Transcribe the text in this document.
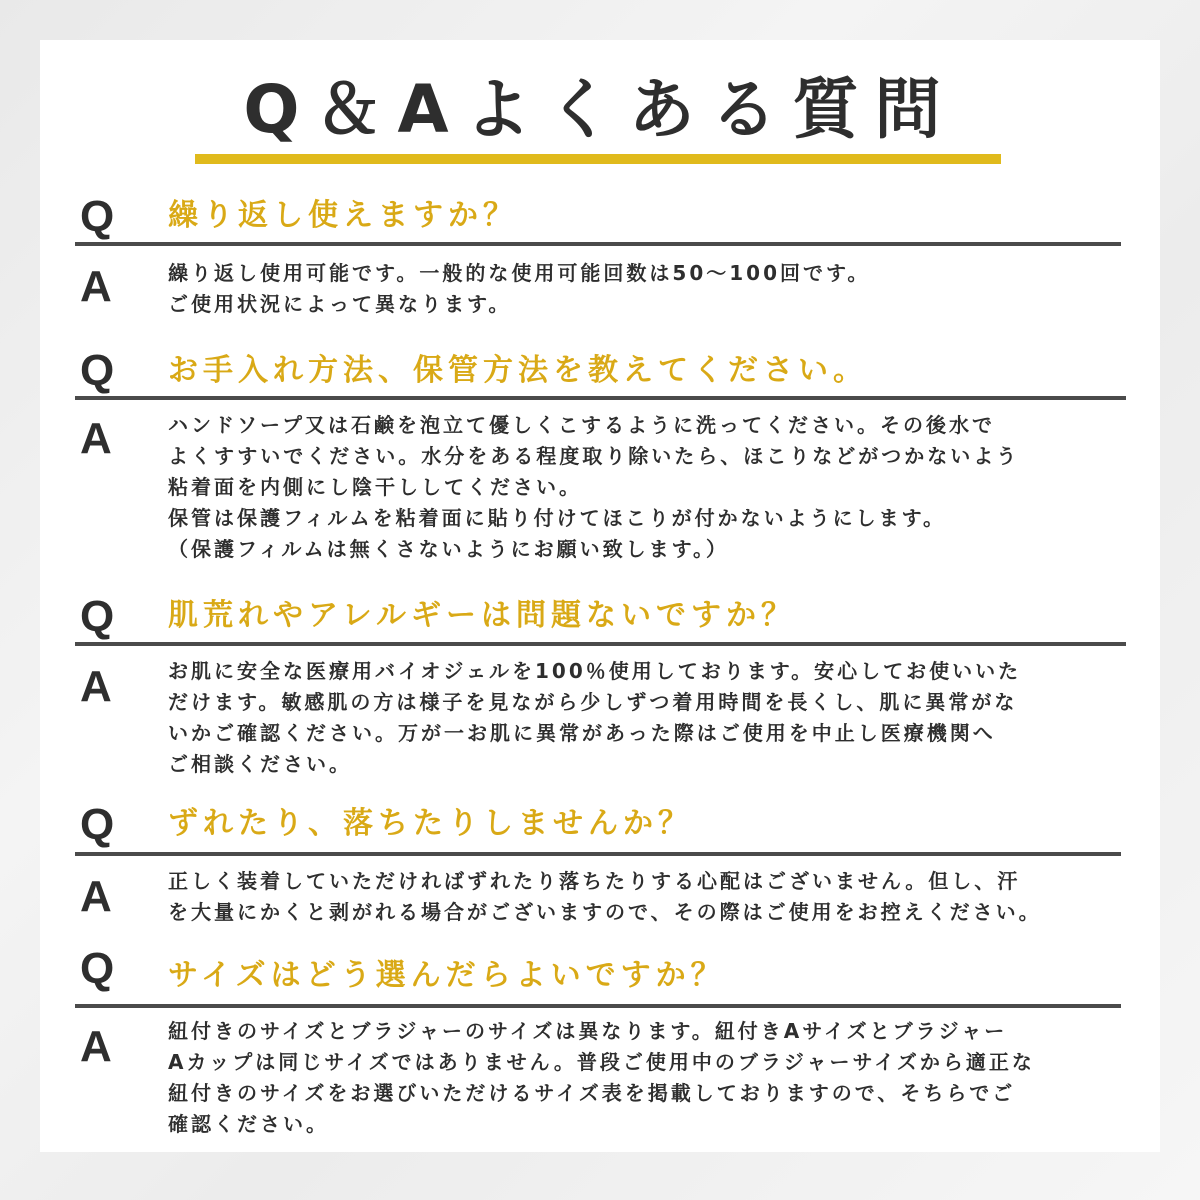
Q＆Aよくある質問
Q	繰り返し使えますか？
A	繰り返し使用可能です。一般的な使用可能回数は50～100回です。
ご使用状況によって異なります。
Q	お手入れ方法、保管方法を教えてください。
A	ハンドソープ又は石鹸を泡立て優しくこするように洗ってください。その後水で
よくすすいでください。水分をある程度取り除いたら、ほこりなどがつかないよう
粘着面を内側にし陰干ししてください。
保管は保護フィルムを粘着面に貼り付けてほこりが付かないようにします。
（保護フィルムは無くさないようにお願い致します。）
Q	肌荒れやアレルギーは問題ないですか？
A	お肌に安全な医療用バイオジェルを100％使用しております。安心してお使いいた
だけます。敏感肌の方は様子を見ながら少しずつ着用時間を長くし、肌に異常がな
いかご確認ください。万が一お肌に異常があった際はご使用を中止し医療機関へ
ご相談ください。
Q	ずれたり、落ちたりしませんか？
A	正しく装着していただければずれたり落ちたりする心配はございません。但し、汗
を大量にかくと剥がれる場合がございますので、その際はご使用をお控えください。
Q	サイズはどう選んだらよいですか？
A	紐付きのサイズとブラジャーのサイズは異なります。紐付きAサイズとブラジャー
Aカップは同じサイズではありません。普段ご使用中のブラジャーサイズから適正な
紐付きのサイズをお選びいただけるサイズ表を掲載しておりますので、そちらでご
確認ください。
